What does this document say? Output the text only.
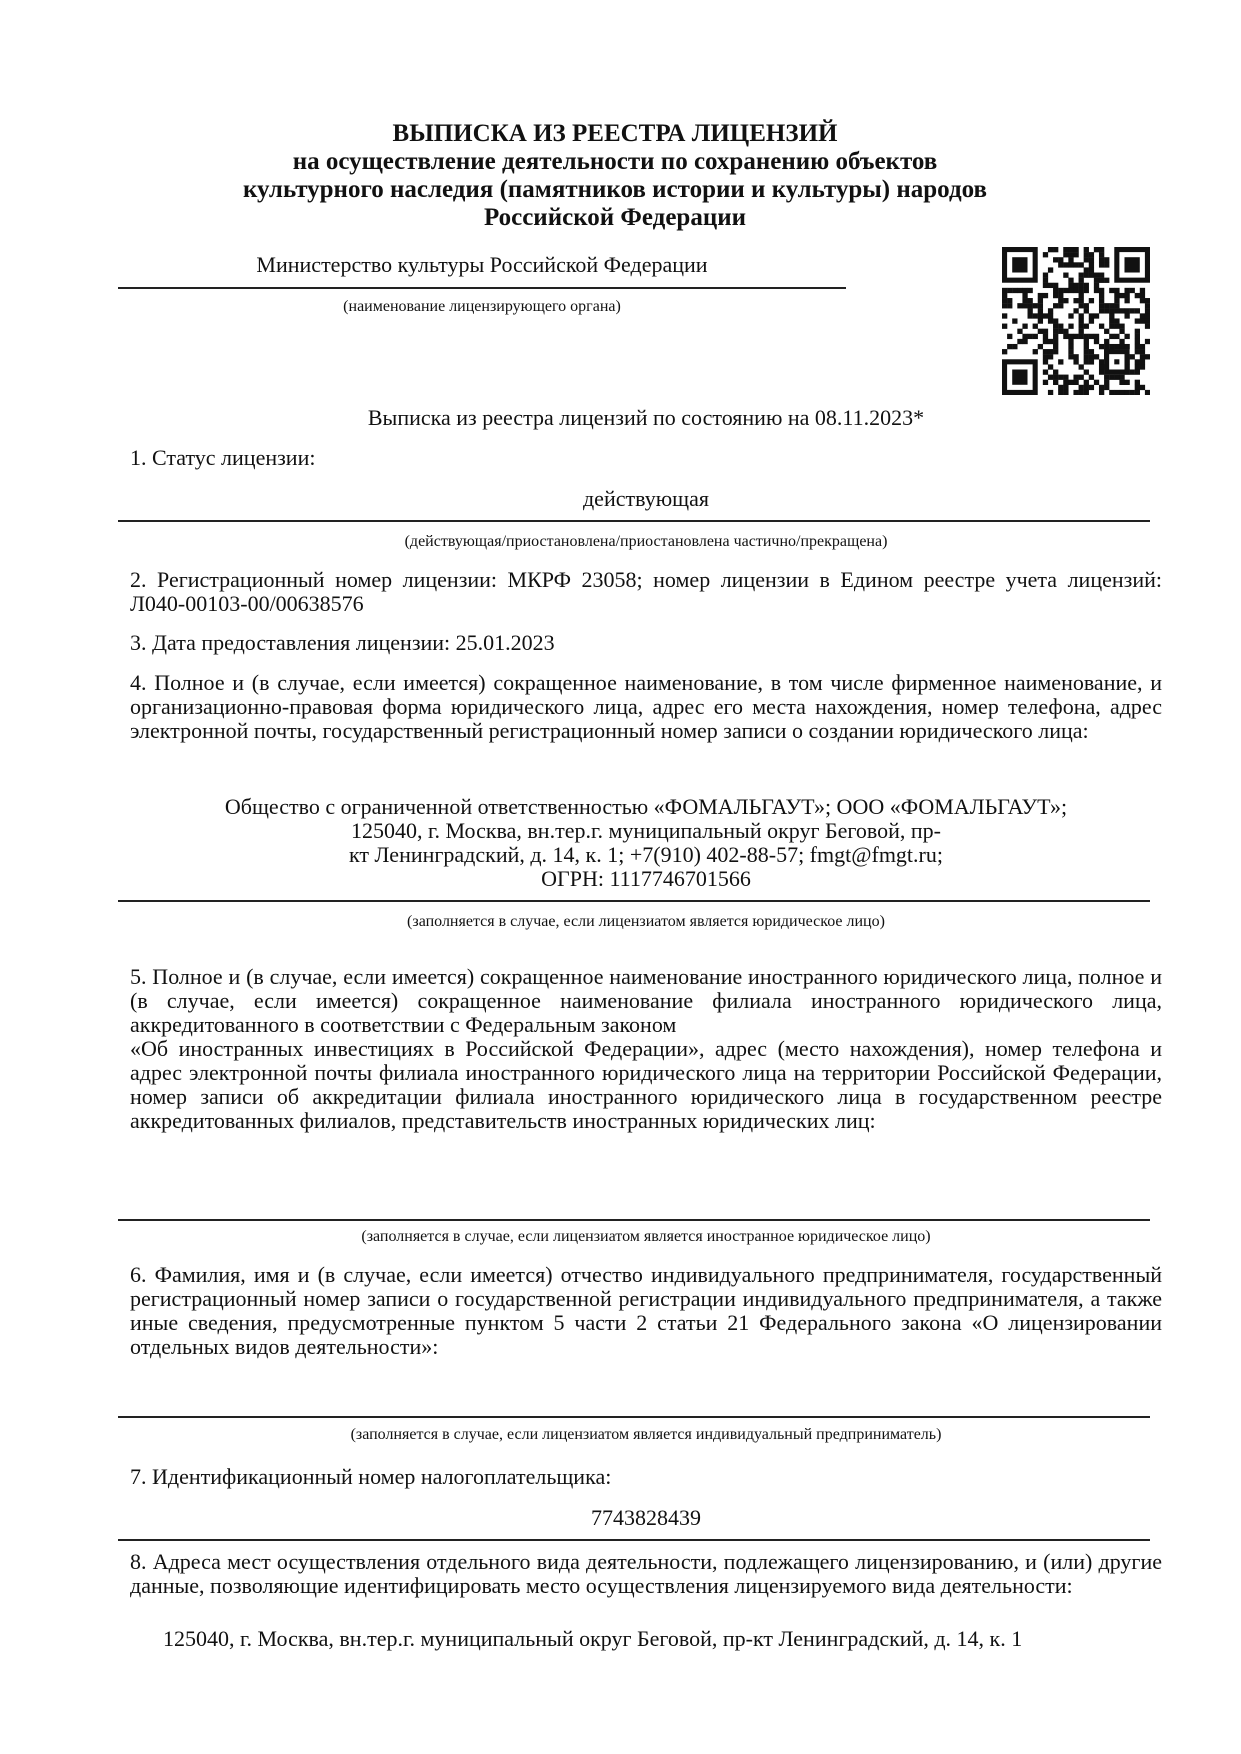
ВЫПИСКА ИЗ РЕЕСТРА ЛИЦЕНЗИЙ
на осуществление деятельности по сохранению объектов
культурного наследия (памятников истории и культуры) народов
Российской Федерации
Министерство культуры Российской Федерации
(наименование лицензирующего органа)
Выписка из реестра лицензий по состоянию на 08.11.2023*
1. Статус лицензии:
действующая
(действующая/приостановлена/приостановлена частично/прекращена)
2. Регистрационный номер лицензии: МКРФ 23058; номер лицензии в Едином реестре учета лицензий: Л040-00103-00/00638576
3. Дата предоставления лицензии: 25.01.2023
4. Полное и (в случае, если имеется) сокращенное наименование, в том числе фирменное наименование, и организационно-правовая форма юридического лица, адрес его места нахождения, номер телефона, адрес электронной почты, государственный регистрационный номер записи о создании юридического лица:
Общество с ограниченной ответственностью «ФОМАЛЬГАУТ»; ООО «ФОМАЛЬГАУТ»;
125040, г. Москва, вн.тер.г. муниципальный округ Беговой, пр-
кт Ленинградский, д. 14, к. 1; +7(910) 402-88-57; fmgt@fmgt.ru;
ОГРН: 1117746701566
(заполняется в случае, если лицензиатом является юридическое лицо)
5. Полное и (в случае, если имеется) сокращенное наименование иностранного юридического лица, полное и (в случае, если имеется) сокращенное наименование филиала иностранного юридического лица, аккредитованного в соответствии с Федеральным законом
«Об иностранных инвестициях в Российской Федерации», адрес (место нахождения), номер телефона и адрес электронной почты филиала иностранного юридического лица на территории Российской Федерации, номер записи об аккредитации филиала иностранного юридического лица в государственном реестре аккредитованных филиалов, представительств иностранных юридических лиц:
(заполняется в случае, если лицензиатом является иностранное юридическое лицо)
6. Фамилия, имя и (в случае, если имеется) отчество индивидуального предпринимателя, государственный регистрационный номер записи о государственной регистрации индивидуального предпринимателя, а также иные сведения, предусмотренные пунктом 5 части 2 статьи 21 Федерального закона «О лицензировании отдельных видов деятельности»:
(заполняется в случае, если лицензиатом является индивидуальный предприниматель)
7. Идентификационный номер налогоплательщика:
7743828439
8. Адреса мест осуществления отдельного вида деятельности, подлежащего лицензированию, и (или) другие данные, позволяющие идентифицировать место осуществления лицензируемого вида деятельности:
125040, г. Москва, вн.тер.г. муниципальный округ Беговой, пр-кт Ленинградский, д. 14, к. 1
